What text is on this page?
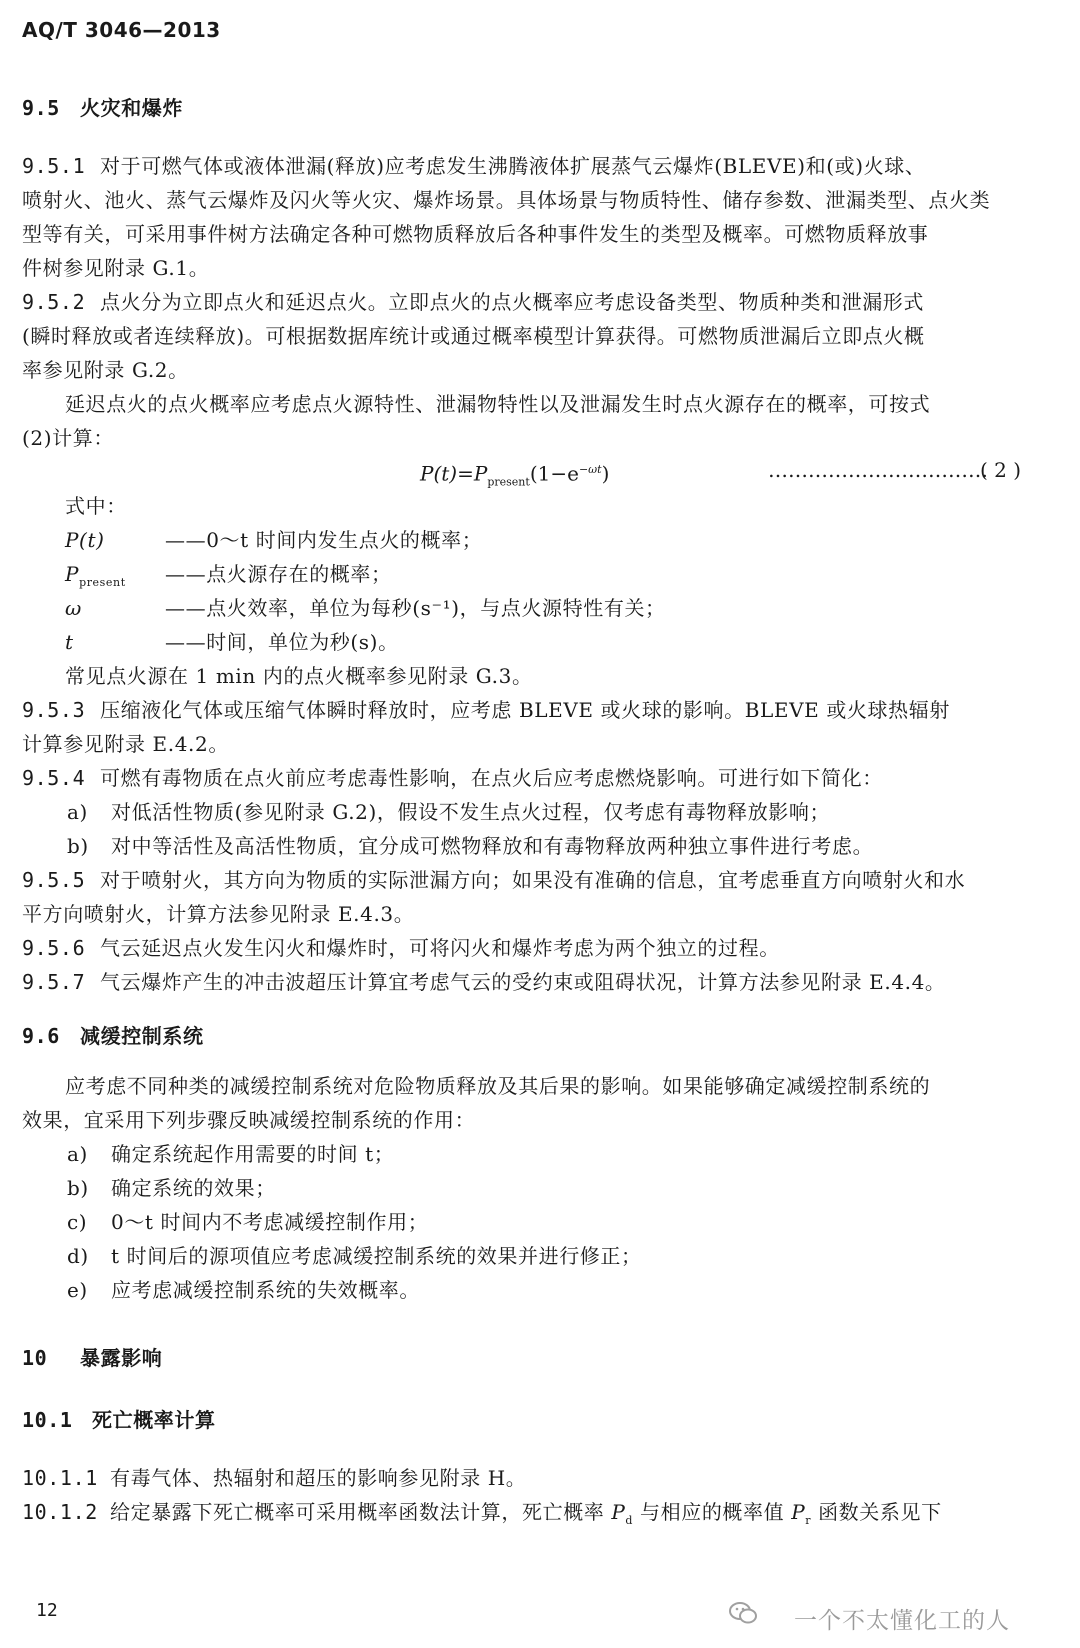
AQ/T 3046—2013
9.5 火灾和爆炸
9.5.1 对于可燃气体或液体泄漏(释放)应考虑发生沸腾液体扩展蒸气云爆炸(BLEVE)和(或)火球、
喷射火、池火、蒸气云爆炸及闪火等火灾、爆炸场景。具体场景与物质特性、储存参数、泄漏类型、点火类
型等有关，可采用事件树方法确定各种可燃物质释放后各种事件发生的类型及概率。可燃物质释放事
件树参见附录 G.1。
9.5.2 点火分为立即点火和延迟点火。立即点火的点火概率应考虑设备类型、物质种类和泄漏形式
(瞬时释放或者连续释放)。可根据数据库统计或通过概率模型计算获得。可燃物质泄漏后立即点火概
率参见附录 G.2。
延迟点火的点火概率应考虑点火源特性、泄漏物特性以及泄漏发生时点火源存在的概率，可按式
(2)计算：
$P(t)=P_{present}(1-e^{-\omega t})$	……………………………
( 2 )
式中：
P(t)	——0～t 时间内发生点火的概率；
$P_{present}$ ——点火源存在的概率；
ω	——点火效率，单位为每秒(s⁻¹)，与点火源特性有关；
t	——时间，单位为秒(s)。
常见点火源在 1 min 内的点火概率参见附录 G.3。
9.5.3 压缩液化气体或压缩气体瞬时释放时，应考虑 BLEVE 或火球的影响。BLEVE 或火球热辐射
计算参见附录 E.4.2。
9.5.4 可燃有毒物质在点火前应考虑毒性影响，在点火后应考虑燃烧影响。可进行如下简化：
a) 对低活性物质(参见附录 G.2)，假设不发生点火过程，仅考虑有毒物释放影响；
b) 对中等活性及高活性物质，宜分成可燃物释放和有毒物释放两种独立事件进行考虑。
9.5.5 对于喷射火，其方向为物质的实际泄漏方向；如果没有准确的信息，宜考虑垂直方向喷射火和水
平方向喷射火，计算方法参见附录 E.4.3。
9.5.6 气云延迟点火发生闪火和爆炸时，可将闪火和爆炸考虑为两个独立的过程。
9.5.7 气云爆炸产生的冲击波超压计算宜考虑气云的受约束或阻碍状况，计算方法参见附录 E.4.4。
9.6 减缓控制系统
应考虑不同种类的减缓控制系统对危险物质释放及其后果的影响。如果能够确定减缓控制系统的
效果，宜采用下列步骤反映减缓控制系统的作用：
a) 确定系统起作用需要的时间 t；
b) 确定系统的效果；
c) 0～t 时间内不考虑减缓控制作用；
d) t 时间后的源项值应考虑减缓控制系统的效果并进行修正；
e) 应考虑减缓控制系统的失效概率。
10 暴露影响
10.1 死亡概率计算
10.1.1 有毒气体、热辐射和超压的影响参见附录 H。
10.1.2 给定暴露下死亡概率可采用概率函数法计算，死亡概率 $P_d$ 与相应的概率值 $P_r$ 函数关系见下
12	一个不太懂化工的人
